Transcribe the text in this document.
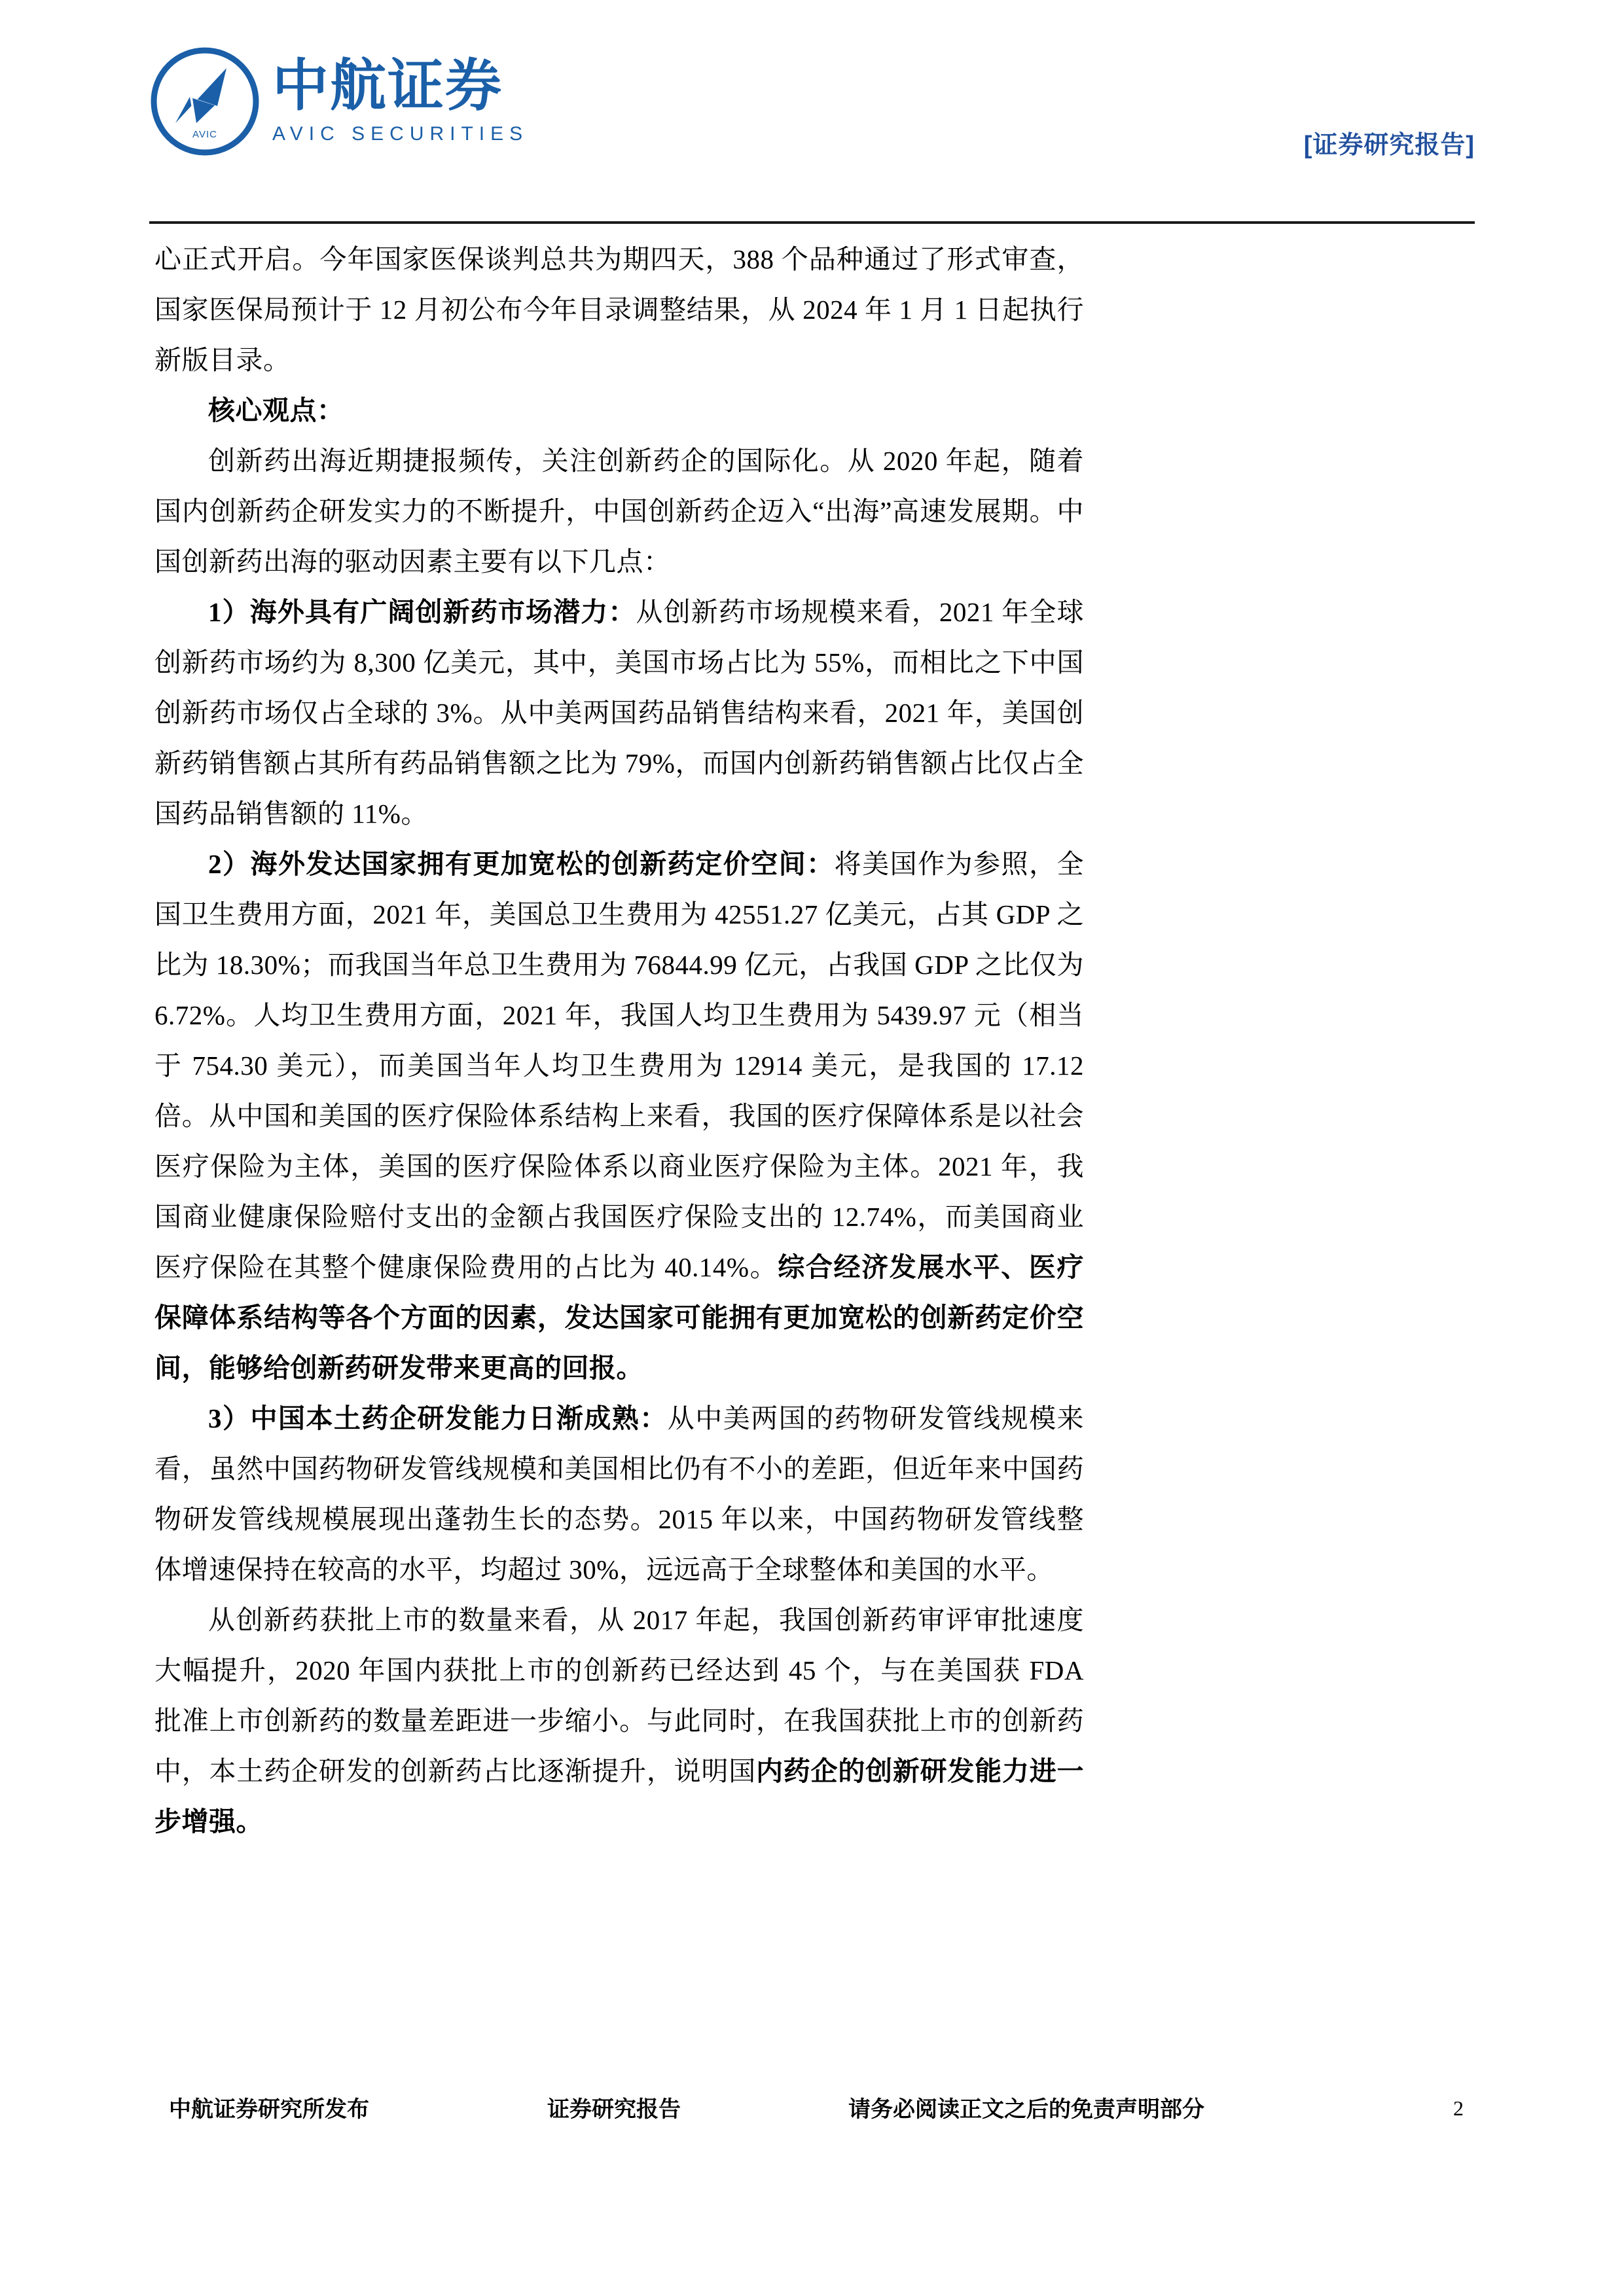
AVIC
中航证券
AVIC SECURITIES	[证券研究报告]

心正式开启。今年国家医保谈判总共为期四天，388 个品种通过了形式审查，国家医保局预计于 12 月初公布今年目录调整结果，从 2024 年 1 月 1 日起执行新版目录。

核心观点：

创新药出海近期捷报频传，关注创新药企的国际化。从 2020 年起，随着国内创新药企研发实力的不断提升，中国创新药企迈入“出海”高速发展期。中国创新药出海的驱动因素主要有以下几点：

1）海外具有广阔创新药市场潜力：从创新药市场规模来看，2021 年全球创新药市场约为 8,300 亿美元，其中，美国市场占比为 55%，而相比之下中国创新药市场仅占全球的 3%。从中美两国药品销售结构来看，2021 年，美国创新药销售额占其所有药品销售额之比为 79%，而国内创新药销售额占比仅占全国药品销售额的 11%。

2）海外发达国家拥有更加宽松的创新药定价空间：将美国作为参照，全国卫生费用方面，2021 年，美国总卫生费用为 42551.27 亿美元，占其 GDP 之比为 18.30%；而我国当年总卫生费用为 76844.99 亿元，占我国 GDP 之比仅为 6.72%。人均卫生费用方面，2021 年，我国人均卫生费用为 5439.97 元（相当于 754.30 美元），而美国当年人均卫生费用为 12914 美元，是我国的 17.12 倍。从中国和美国的医疗保险体系结构上来看，我国的医疗保障体系是以社会医疗保险为主体，美国的医疗保险体系以商业医疗保险为主体。2021 年，我国商业健康保险赔付支出的金额占我国医疗保险支出的 12.74%，而美国商业医疗保险在其整个健康保险费用的占比为 40.14%。综合经济发展水平、医疗保障体系结构等各个方面的因素，发达国家可能拥有更加宽松的创新药定价空间，能够给创新药研发带来更高的回报。

3）中国本土药企研发能力日渐成熟：从中美两国的药物研发管线规模来看，虽然中国药物研发管线规模和美国相比仍有不小的差距，但近年来中国药物研发管线规模展现出蓬勃生长的态势。2015 年以来，中国药物研发管线整体增速保持在较高的水平，均超过 30%，远远高于全球整体和美国的水平。

从创新药获批上市的数量来看，从 2017 年起，我国创新药审评审批速度大幅提升，2020 年国内获批上市的创新药已经达到 45 个，与在美国获 FDA 批准上市创新药的数量差距进一步缩小。与此同时，在我国获批上市的创新药中，本土药企研发的创新药占比逐渐提升，说明国内药企的创新研发能力进一步增强。

中航证券研究所发布	证券研究报告	请务必阅读正文之后的免责声明部分	2
